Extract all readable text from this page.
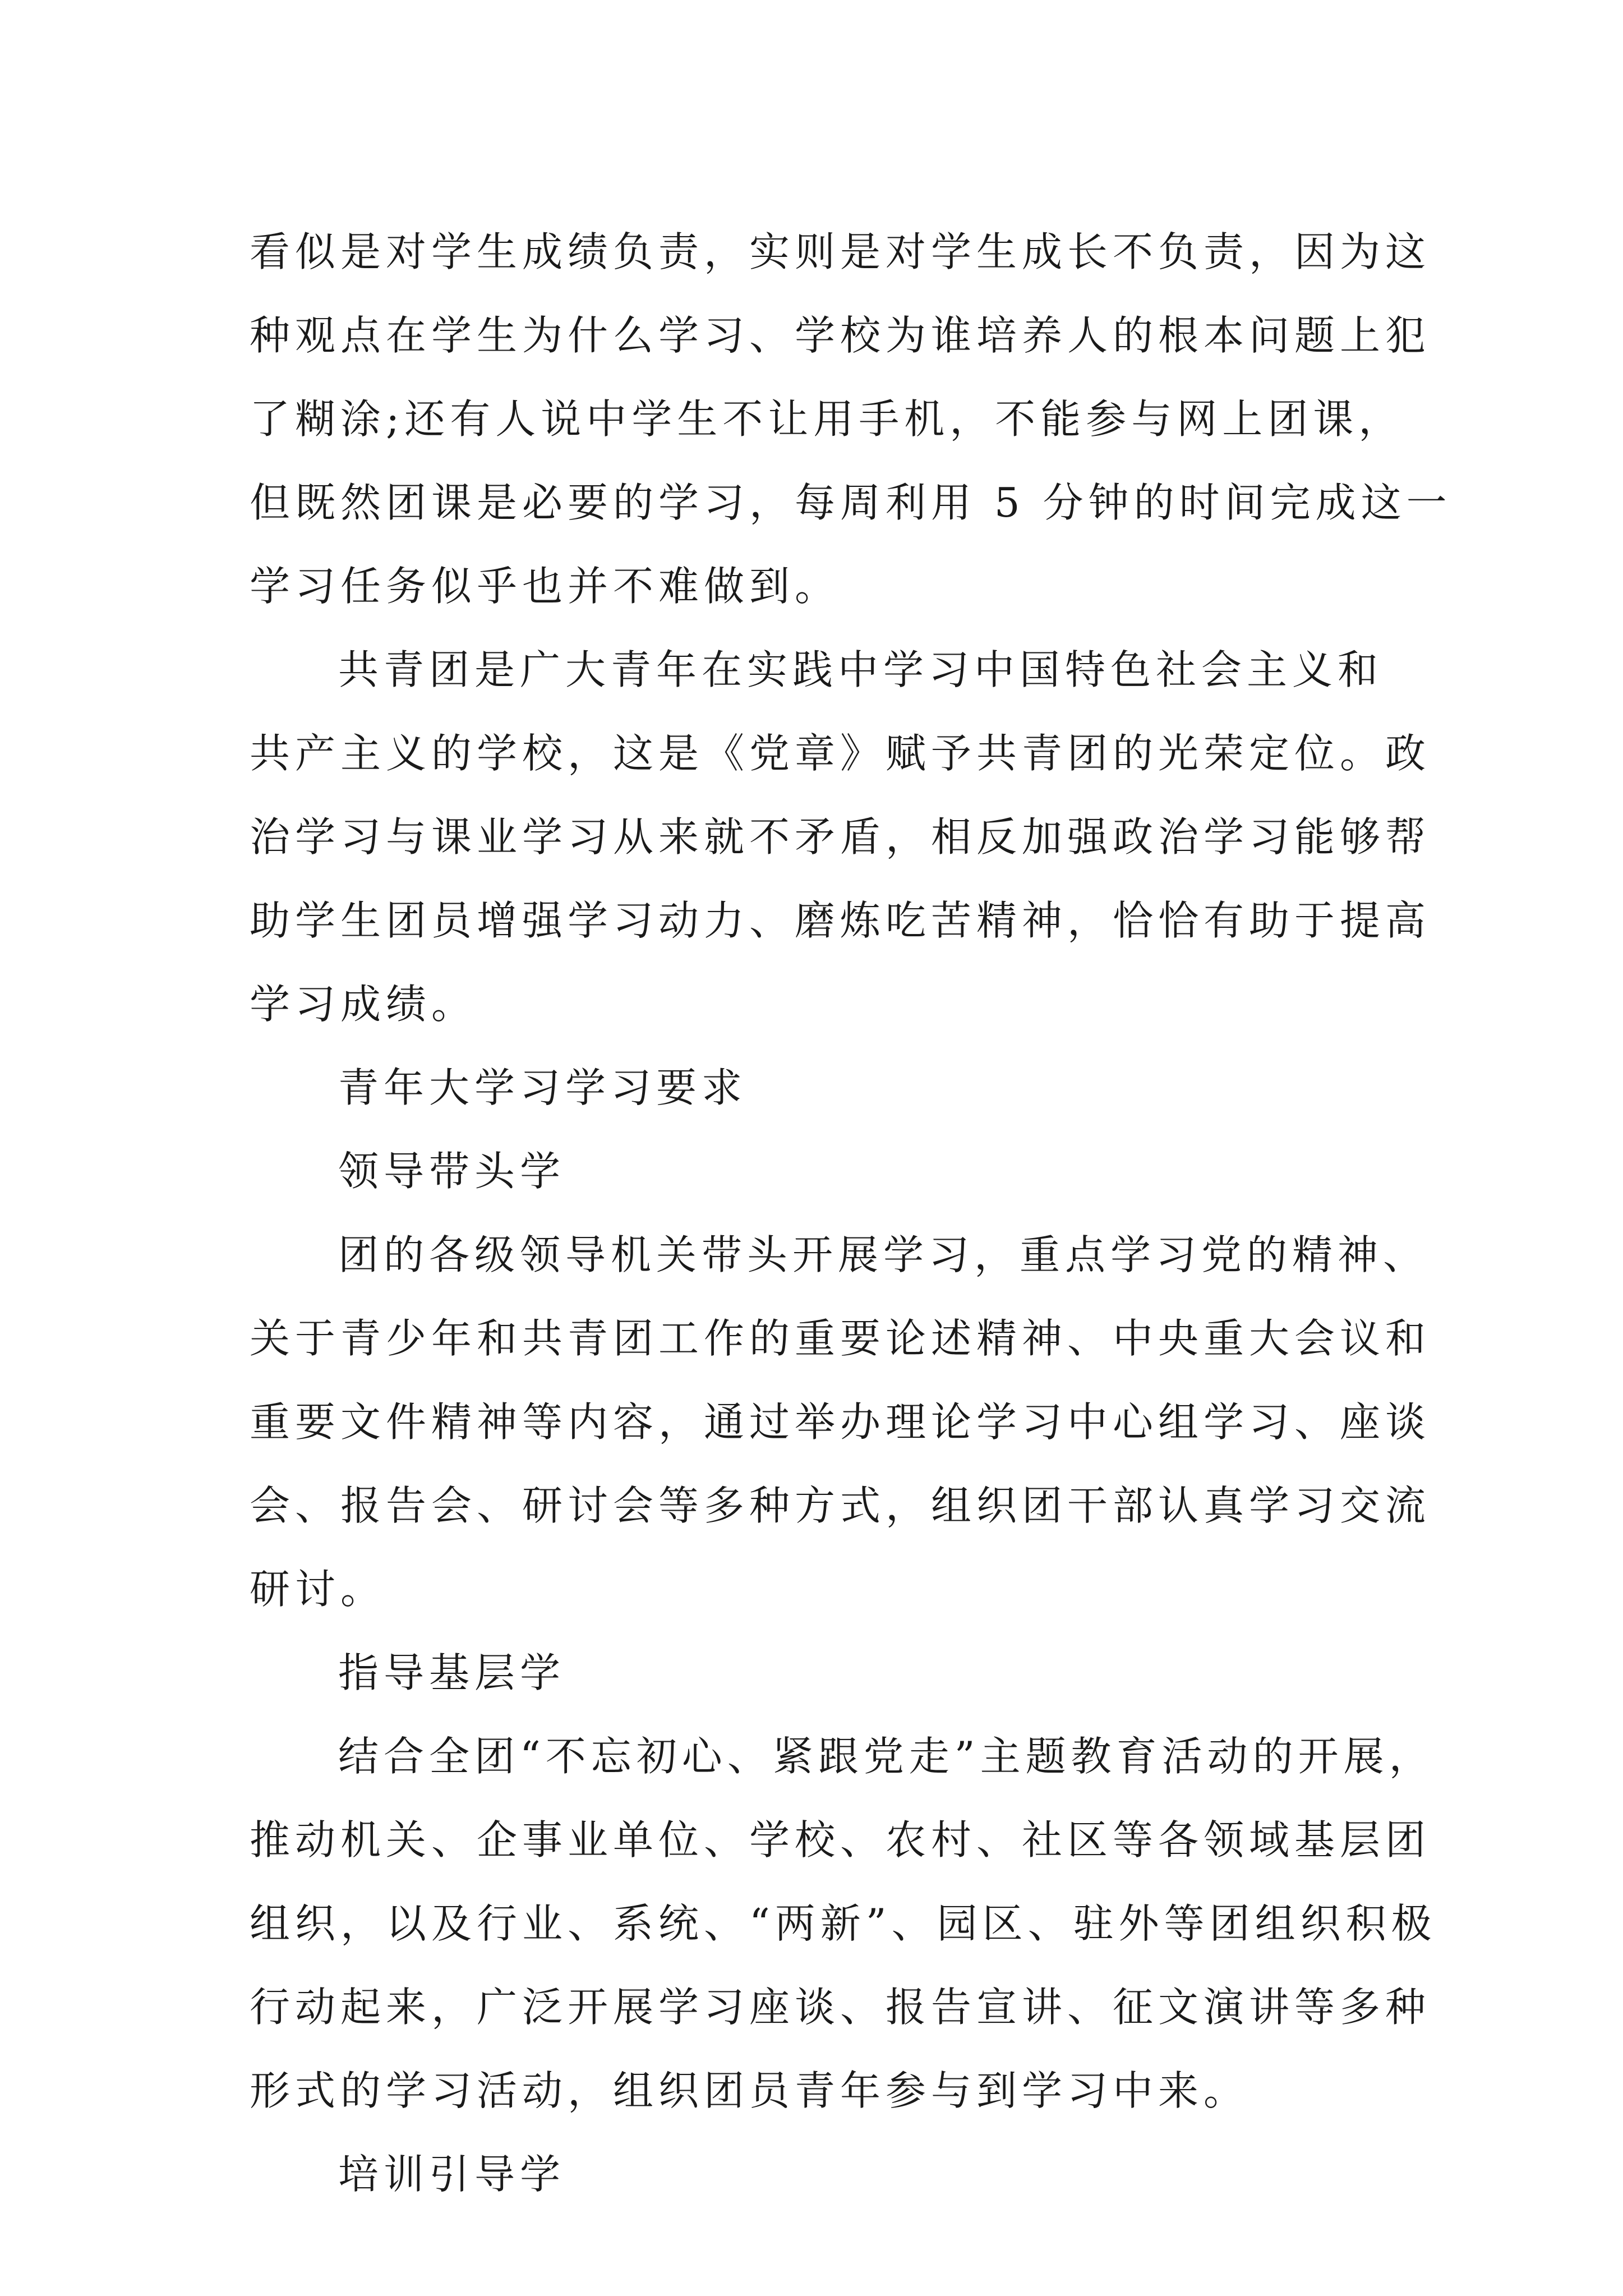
看似是对学生成绩负责，实则是对学生成长不负责，因为这
种观点在学生为什么学习、学校为谁培养人的根本问题上犯
了糊涂;还有人说中学生不让用手机，不能参与网上团课，
但既然团课是必要的学习，每周利用 5 分钟的时间完成这一
学习任务似乎也并不难做到。
共青团是广大青年在实践中学习中国特色社会主义和
共产主义的学校，这是《党章》赋予共青团的光荣定位。政
治学习与课业学习从来就不矛盾，相反加强政治学习能够帮
助学生团员增强学习动力、磨炼吃苦精神，恰恰有助于提高
学习成绩。
青年大学习学习要求
领导带头学
团的各级领导机关带头开展学习，重点学习党的精神、
关于青少年和共青团工作的重要论述精神、中央重大会议和
重要文件精神等内容，通过举办理论学习中心组学习、座谈
会、报告会、研讨会等多种方式，组织团干部认真学习交流
研讨。
指导基层学
结合全团“不忘初心、紧跟党走”主题教育活动的开展，
推动机关、企事业单位、学校、农村、社区等各领域基层团
组织，以及行业、系统、“两新”、园区、驻外等团组织积极
行动起来，广泛开展学习座谈、报告宣讲、征文演讲等多种
形式的学习活动，组织团员青年参与到学习中来。
培训引导学
